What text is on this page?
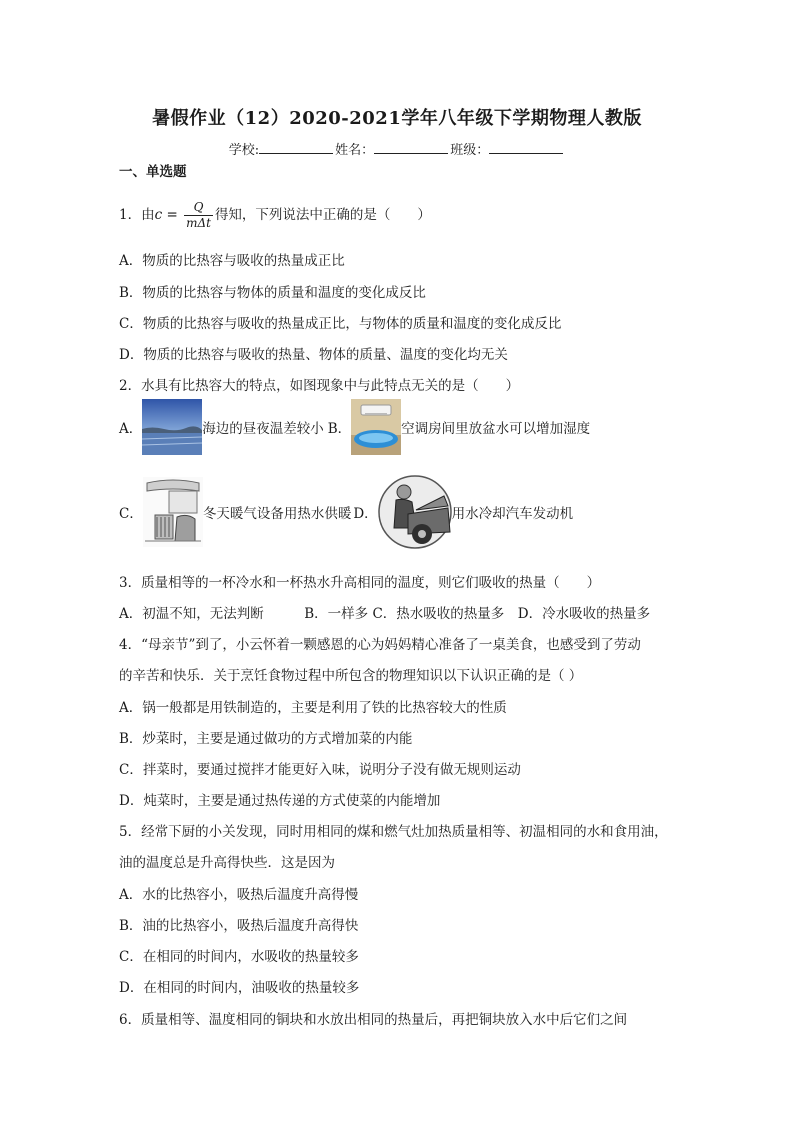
暑假作业（12）2020-2021学年八年级下学期物理人教版
学校:	姓名：	班级：
一、单选题
1．由$c = \frac{Q}{\text{mΔt}}$ 得知，下列说法中正确的是（　　）
A．物质的比热容与吸收的热量成正比
B．物质的比热容与物体的质量和温度的变化成反比
C．物质的比热容与吸收的热量成正比，与物体的质量和温度的变化成反比
D．物质的比热容与吸收的热量、物体的质量、温度的变化均无关
2．水具有比热容大的特点，如图现象中与此特点无关的是（　　）
A．	海边的昼夜温差较小 B．	空调房间里放盆水可以增加湿度
C．	冬天暖气设备用热水供暖 D．	用水冷却汽车发动机
3．质量相等的一杯冷水和一杯热水升高相同的温度，则它们吸收的热量（　　）
A．初温不知，无法判断　　　B．一样多 C．热水吸收的热量多　D．冷水吸收的热量多
4．“母亲节”到了，小云怀着一颗感恩的心为妈妈精心准备了一桌美食，也感受到了劳动
的辛苦和快乐．关于烹饪食物过程中所包含的物理知识以下认识正确的是（ ）
A．锅一般都是用铁制造的，主要是利用了铁的比热容较大的性质
B．炒菜时，主要是通过做功的方式增加菜的内能
C．拌菜时，要通过搅拌才能更好入味，说明分子没有做无规则运动
D．炖菜时，主要是通过热传递的方式使菜的内能增加
5．经常下厨的小关发现，同时用相同的煤和燃气灶加热质量相等、初温相同的水和食用油，
油的温度总是升高得快些．这是因为
A．水的比热容小，吸热后温度升高得慢
B．油的比热容小，吸热后温度升高得快
C．在相同的时间内，水吸收的热量较多
D．在相同的时间内，油吸收的热量较多
6．质量相等、温度相同的铜块和水放出相同的热量后，再把铜块放入水中后它们之间
